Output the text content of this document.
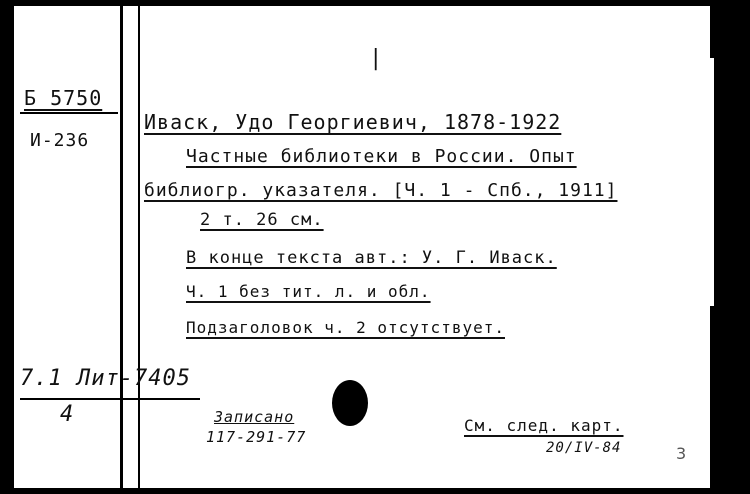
|
Б 5750
И-236
Иваск, Удо Георгиевич, 1878-1922
Частные библиотеки в России. Опыт
библиогр. указателя. [Ч. 1 - Спб., 1911]
2 т. 26 см.
В конце текста авт.: У. Г. Иваск.
Ч. 1 без тит. л. и обл.
Подзаголовок ч. 2 отсутствует.
7.1 Лит-7405
4	Записано
117-291-77
См. след. карт.
20/IV-84	3
